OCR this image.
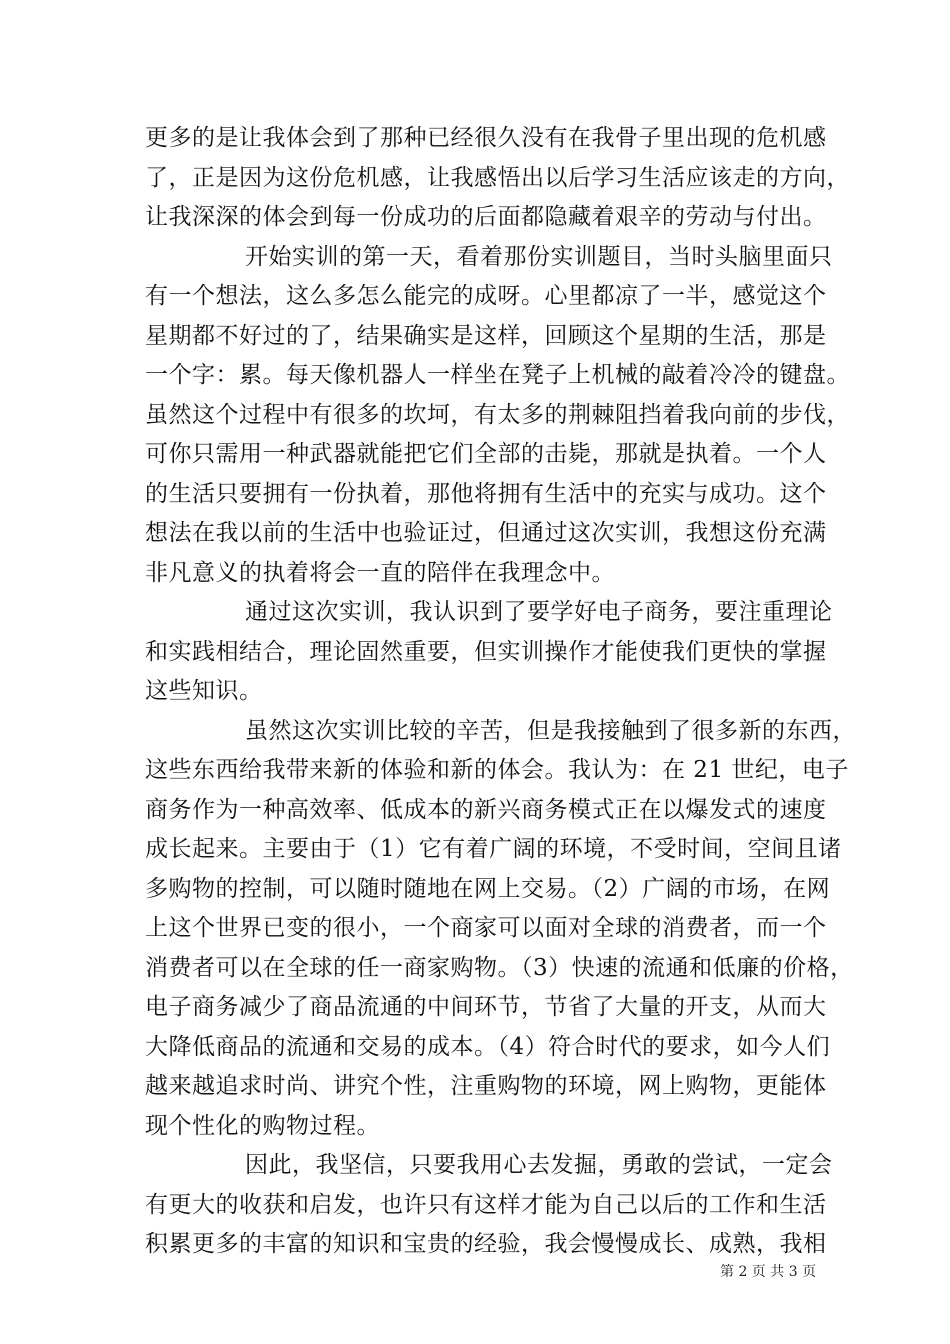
更多的是让我体会到了那种已经很久没有在我骨子里出现的危机感
了，正是因为这份危机感，让我感悟出以后学习生活应该走的方向，
让我深深的体会到每一份成功的后面都隐藏着艰辛的劳动与付出。
开始实训的第一天，看着那份实训题目，当时头脑里面只
有一个想法，这么多怎么能完的成呀。心里都凉了一半，感觉这个
星期都不好过的了，结果确实是这样，回顾这个星期的生活，那是
一个字：累。每天像机器人一样坐在凳子上机械的敲着冷冷的键盘。
虽然这个过程中有很多的坎坷，有太多的荆棘阻挡着我向前的步伐，
可你只需用一种武器就能把它们全部的击毙，那就是执着。一个人
的生活只要拥有一份执着，那他将拥有生活中的充实与成功。这个
想法在我以前的生活中也验证过，但通过这次实训，我想这份充满
非凡意义的执着将会一直的陪伴在我理念中。
通过这次实训，我认识到了要学好电子商务，要注重理论
和实践相结合，理论固然重要，但实训操作才能使我们更快的掌握
这些知识。
虽然这次实训比较的辛苦，但是我接触到了很多新的东西，
这些东西给我带来新的体验和新的体会。我认为：在 21 世纪，电子
商务作为一种高效率、低成本的新兴商务模式正在以爆发式的速度
成长起来。主要由于（1）它有着广阔的环境，不受时间，空间且诸
多购物的控制，可以随时随地在网上交易。（2）广阔的市场，在网
上这个世界已变的很小，一个商家可以面对全球的消费者，而一个
消费者可以在全球的任一商家购物。（3）快速的流通和低廉的价格，
电子商务减少了商品流通的中间环节，节省了大量的开支，从而大
大降低商品的流通和交易的成本。（4）符合时代的要求，如今人们
越来越追求时尚、讲究个性，注重购物的环境，网上购物，更能体
现个性化的购物过程。
因此，我坚信，只要我用心去发掘，勇敢的尝试，一定会
有更大的收获和启发，也许只有这样才能为自己以后的工作和生活
积累更多的丰富的知识和宝贵的经验，我会慢慢成长、成熟，我相
第 2 页 共 3 页
